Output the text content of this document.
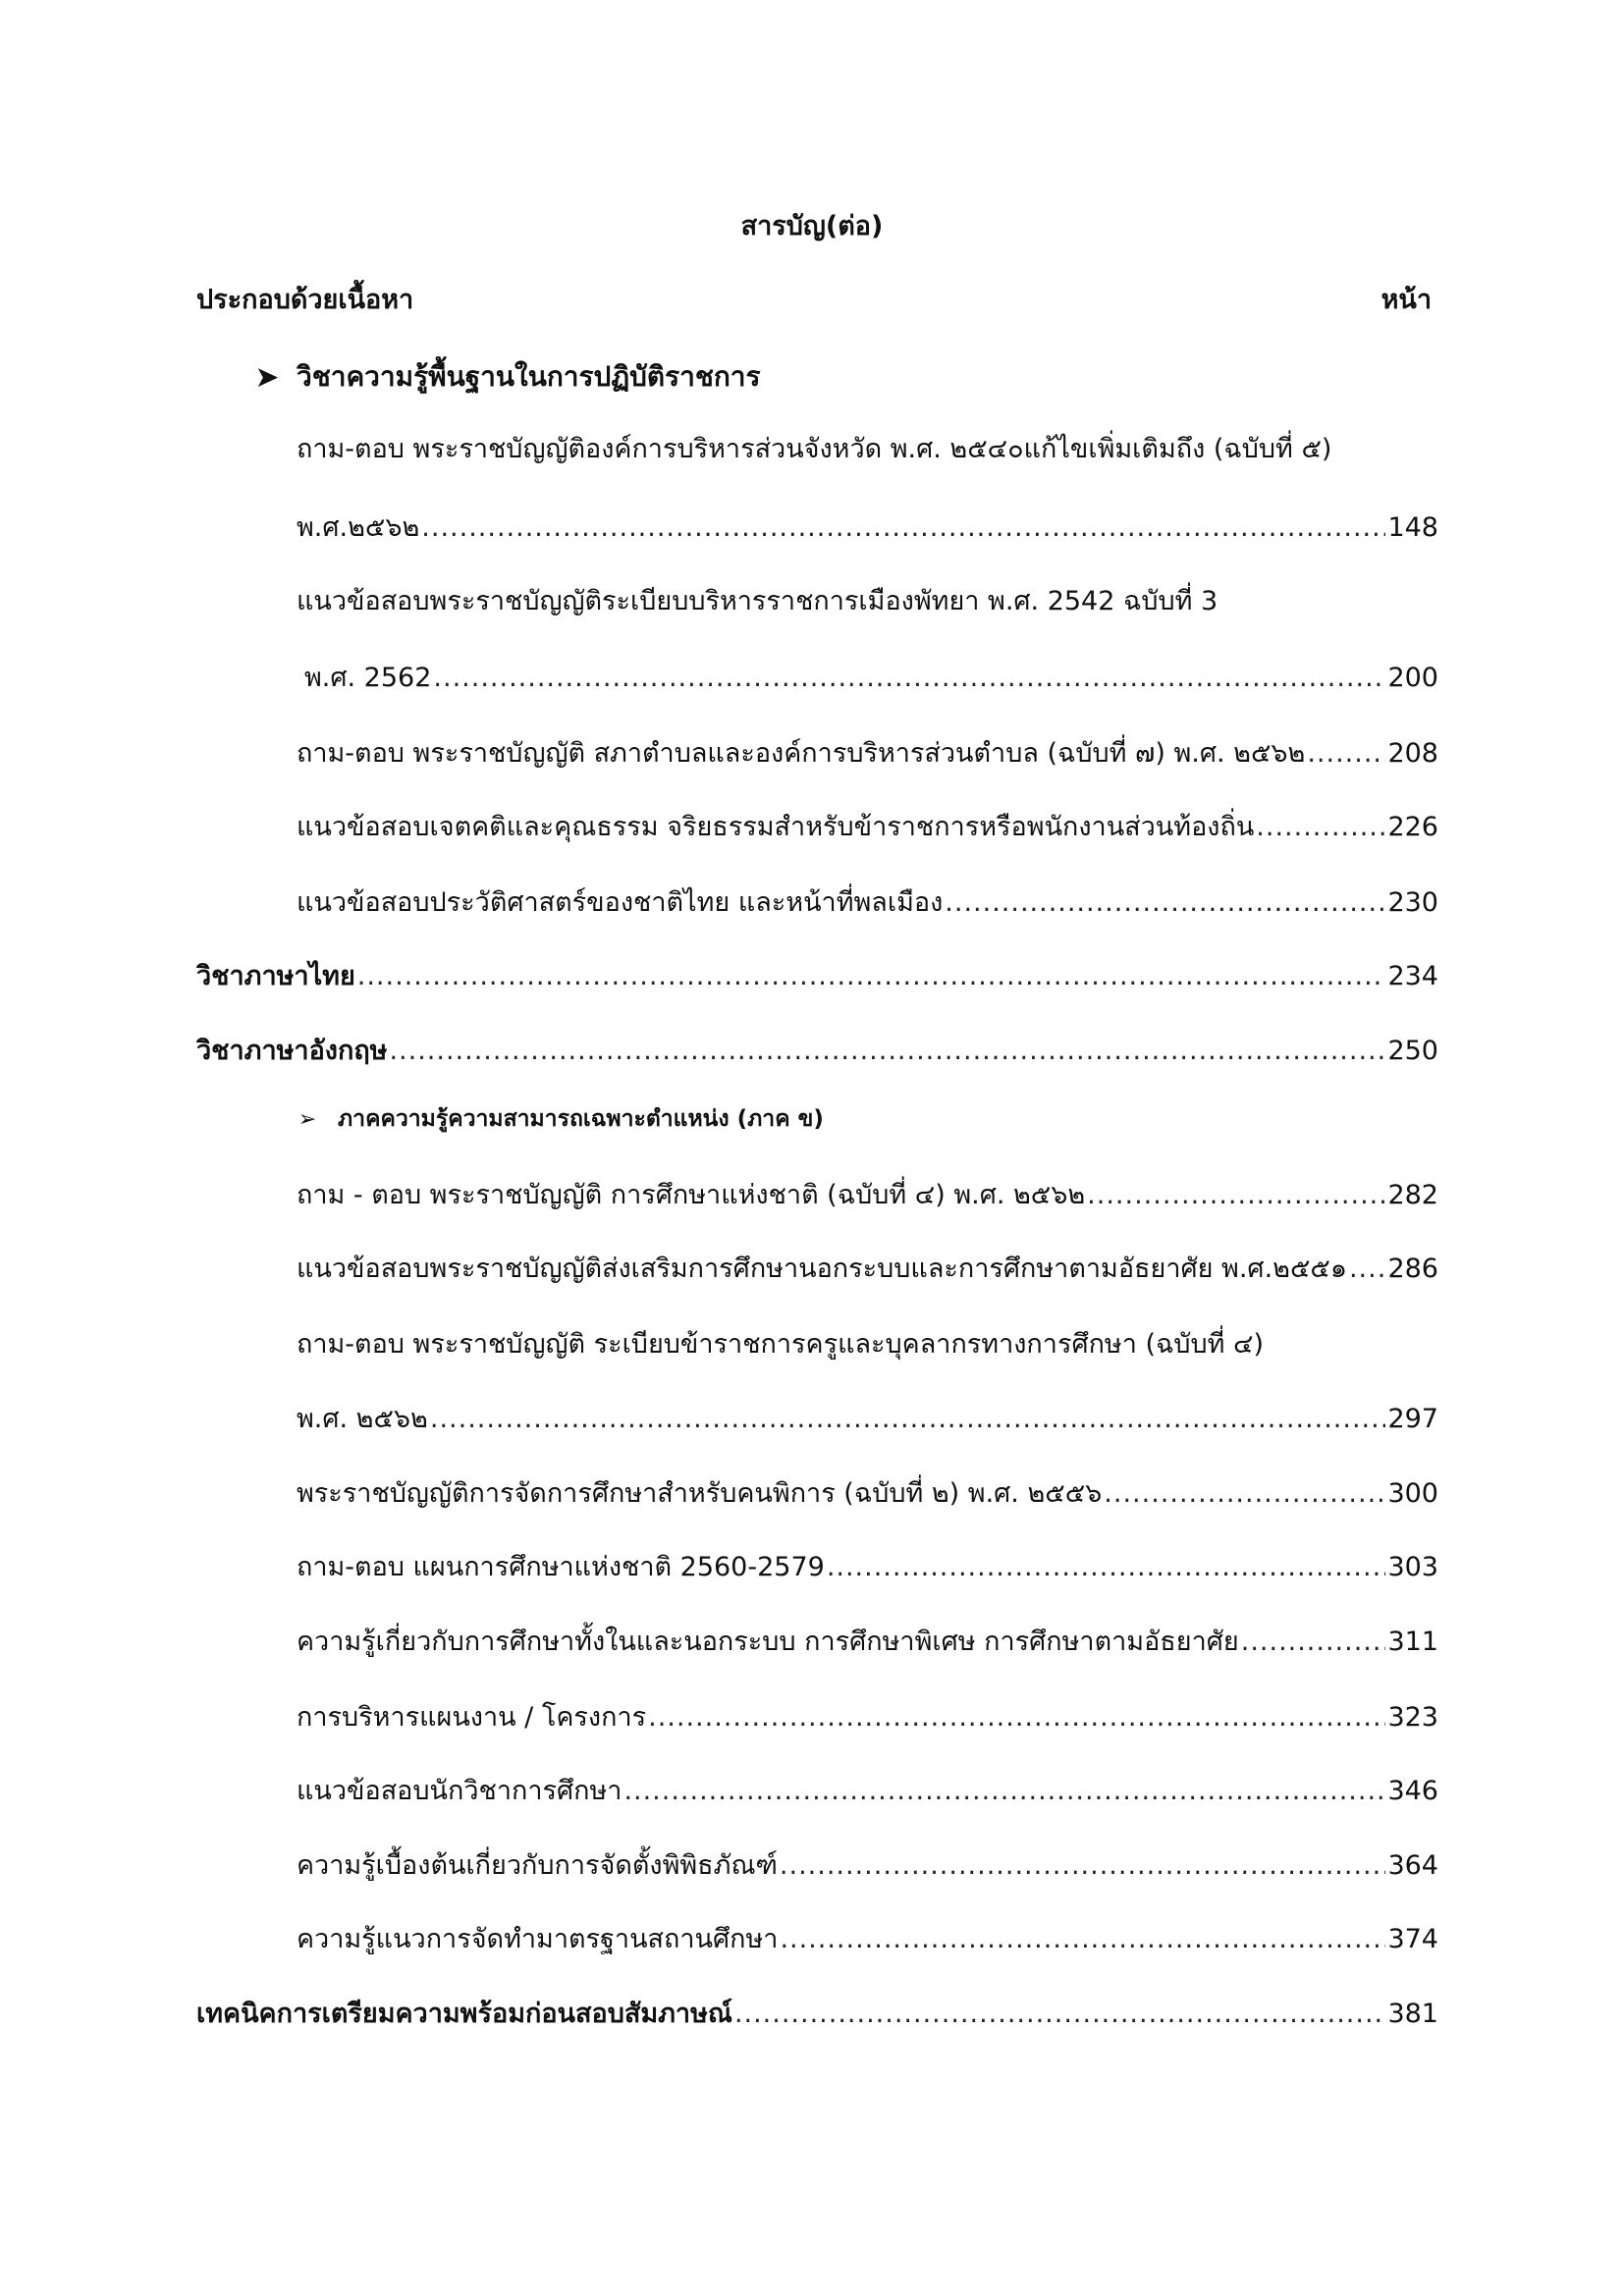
สารบัญ(ต่อ)
ประกอบด้วยเนื้อหา	หน้า
➤ วิชาความรู้พื้นฐานในการปฏิบัติราชการ
ถาม-ตอบ พระราชบัญญัติองค์การบริหารส่วนจังหวัด พ.ศ. ๒๕๔๐แก้ไขเพิ่มเติมถึง (ฉบับที่ ๕)
พ.ศ.๒๕๖๒ .....	148
แนวข้อสอบพระราชบัญญัติระเบียบบริหารราชการเมืองพัทยา พ.ศ. 2542 ฉบับที่ 3
พ.ศ. 2562 .....	200
ถาม-ตอบ พระราชบัญญัติ สภาตำบลและองค์การบริหารส่วนตำบล (ฉบับที่ ๗) พ.ศ. ๒๕๖๒ .....	208
แนวข้อสอบเจตคติและคุณธรรม จริยธรรมสำหรับข้าราชการหรือพนักงานส่วนท้องถิ่น .....	226
แนวข้อสอบประวัติศาสตร์ของชาติไทย และหน้าที่พลเมือง .....	230
วิชาภาษาไทย .....	234
วิชาภาษาอังกฤษ .....	250
➢ ภาคความรู้ความสามารถเฉพาะตำแหน่ง (ภาค ข)
ถาม - ตอบ พระราชบัญญัติ การศึกษาแห่งชาติ (ฉบับที่ ๔) พ.ศ. ๒๕๖๒ .....	282
แนวข้อสอบพระราชบัญญัติส่งเสริมการศึกษานอกระบบและการศึกษาตามอัธยาศัย พ.ศ.๒๕๕๑ ..... 286
ถาม-ตอบ พระราชบัญญัติ ระเบียบข้าราชการครูและบุคลากรทางการศึกษา (ฉบับที่ ๔)
พ.ศ. ๒๕๖๒ .....	297
พระราชบัญญัติการจัดการศึกษาสำหรับคนพิการ (ฉบับที่ ๒) พ.ศ. ๒๕๕๖ .....	300
ถาม-ตอบ แผนการศึกษาแห่งชาติ 2560-2579 .....	303
ความรู้เกี่ยวกับการศึกษาทั้งในและนอกระบบ การศึกษาพิเศษ การศึกษาตามอัธยาศัย .....	311
การบริหารแผนงาน / โครงการ .....	323
แนวข้อสอบนักวิชาการศึกษา .....	346
ความรู้เบื้องต้นเกี่ยวกับการจัดตั้งพิพิธภัณฑ์ .....	364
ความรู้แนวการจัดทำมาตรฐานสถานศึกษา .....	374
เทคนิคการเตรียมความพร้อมก่อนสอบสัมภาษณ์ .....	381
